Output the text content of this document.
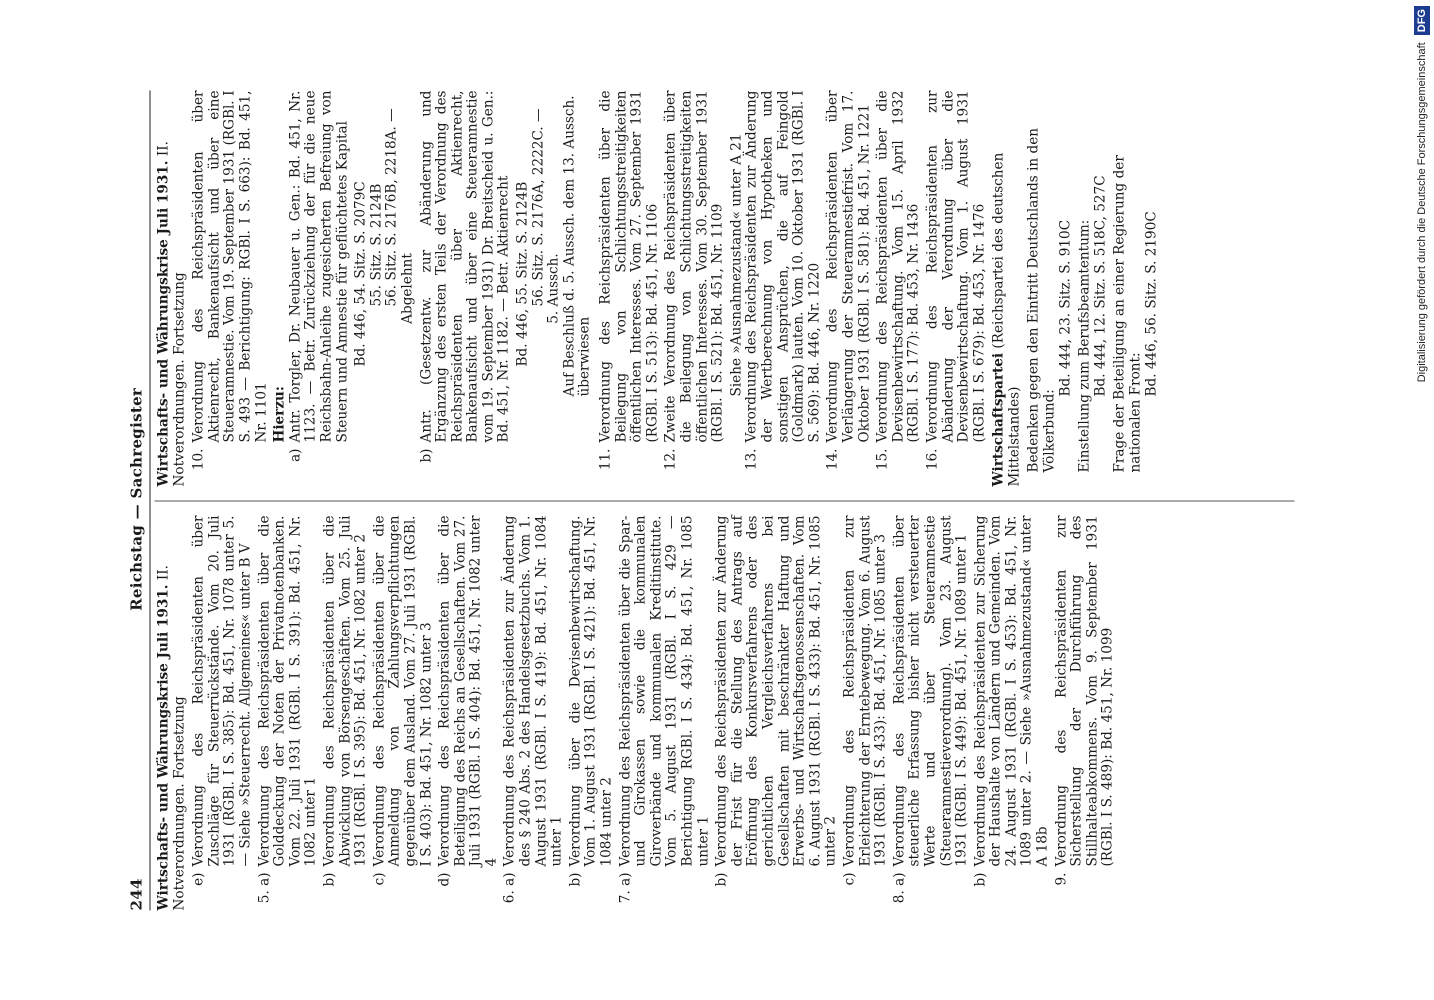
244
Reichstag — Sachregister
Wirtschafts- und Währungskrise Juli 1931. II. Notverordnungen. Fortsetzung e)
Verordnung des Reichspräsidenten über Zuschläge für Steuerrückstände. Vom 20. Juli 1931 (RGBl. I S. 385): Bd. 451, Nr. 1078 unter 5. — Siehe »Steuerrecht. Allgemeines« unter B V
5. a)
Verordnung des Reichspräsidenten über die Golddeckung der Noten der Privatnotenbanken. Vom 22. Juli 1931 (RGBl. I S. 391): Bd. 451, Nr. 1082 unter 1
b)
Verordnung des Reichspräsidenten über die Abwicklung von Börsengeschäften. Vom 25. Juli 1931 (RGBl. I S. 395): Bd. 451, Nr. 1082 unter 2
c)
Verordnung des Reichspräsidenten über die Anmeldung von Zahlungsverpflichtungen gegenüber dem Ausland. Vom 27. Juli 1931 (RGBl. I S. 403): Bd. 451, Nr. 1082 unter 3
d)
Verordnung des Reichspräsidenten über die Beteiligung des Reichs an Gesellschaften. Vom 27. Juli 1931 (RGBl. I S. 404): Bd. 451, Nr. 1082 unter 4
6. a)
Verordnung des Reichspräsidenten zur Änderung des § 240 Abs. 2 des Handelsgesetzbuchs. Vom 1. August 1931 (RGBl. I S. 419): Bd. 451, Nr. 1084 unter 1
b)
Verordnung über die Devisenbewirtschaftung. Vom 1. August 1931 (RGBl. I S. 421): Bd. 451, Nr. 1084 unter 2
7. a)
Verordnung des Reichspräsidenten über die Spar- und Girokassen sowie die kommunalen Giroverbände und kommunalen Kreditinstitute. Vom 5. August 1931 (RGBl. I S. 429 — Berichtigung RGBl. I S. 434): Bd. 451, Nr. 1085 unter 1
b)
Verordnung des Reichspräsidenten zur Änderung der Frist für die Stellung des Antrags auf Eröffnung des Konkursverfahrens oder des gerichtlichen Vergleichsverfahrens bei Gesellschaften mit beschränkter Haftung und Erwerbs- und Wirtschaftsgenossenschaften. Vom 6. August 1931 (RGBl. I S. 433): Bd. 451, Nr. 1085 unter 2
c)
Verordnung des Reichspräsidenten zur Erleichterung der Erntebewegung. Vom 6. August 1931 (RGBl. I S. 433): Bd. 451, Nr. 1085 unter 3
8. a)
Verordnung des Reichspräsidenten über steuerliche Erfassung bisher nicht versteuerter Werte und über Steueramnestie (Steueramnestieverordnung). Vom 23. August 1931 (RGBl. I S. 449): Bd. 451, Nr. 1089 unter 1
b)
Verordnung des Reichspräsidenten zur Sicherung der Haushalte von Ländern und Gemeinden. Vom 24. August 1931 (RGBl. I S. 453): Bd. 451, Nr. 1089 unter 2. — Siehe »Ausnahmezustand« unter A 18b
9.
Verordnung des Reichspräsidenten zur Sicherstellung der Durchführung des Stillhalteabkommens. Vom 9. September 1931 (RGBl. I S. 489): Bd. 451, Nr. 1099
Wirtschafts- und Währungskrise Juli 1931. II. Notverordnungen. Fortsetzung 10.
Verordnung des Reichspräsidenten über Aktienrecht, Bankenaufsicht und über eine Steueramnestie. Vom 19. September 1931 (RGBl. I S. 493 — Berichtigung: RGBl. I S. 663): Bd. 451, Nr. 1101 Hierzu:
a)
Antr. Torgler, Dr. Neubauer u. Gen.: Bd. 451, Nr. 1123. — Betr. Zurückziehung der für die neue Reichsbahn-Anleihe zugesicherten Befreiung von Steuern und Amnestie für geflüchtetes Kapital Bd. 446, 54. Sitz. S. 2079C 55. Sitz. S. 2124B 56. Sitz. S. 2176B, 2218A. — Abgelehnt
b)
Antr. (Gesetzentw. zur Abänderung und Ergänzung des ersten Teils der Verordnung des Reichspräsidenten über Aktienrecht, Bankenaufsicht und über eine Steueramnestie vom 19. September 1931) Dr. Breitscheid u. Gen.: Bd. 451, Nr. 1182. — Betr. Aktienrecht Bd. 446, 55. Sitz. S. 2124B 56. Sitz. S. 2176A, 2222C. — 5. Aussch. Auf Beschluß d. 5. Aussch. dem 13. Aussch. überwiesen
11.
Verordnung des Reichspräsidenten über die Beilegung von Schlichtungsstreitigkeiten öffentlichen Interesses. Vom 27. September 1931 (RGBl. I S. 513): Bd. 451, Nr. 1106
12.
Zweite Verordnung des Reichspräsidenten über die Beilegung von Schlichtungsstreitigkeiten öffentlichen Interesses. Vom 30. September 1931 (RGBl. I S. 521): Bd. 451, Nr. 1109 Siehe »Ausnahmezustand« unter A 21
13.
Verordnung des Reichspräsidenten zur Änderung der Wertberechnung von Hypotheken und sonstigen Ansprüchen, die auf Feingold (Goldmark) lauten. Vom 10. Oktober 1931 (RGBl. I S. 569): Bd. 446, Nr. 1220
14.
Verordnung des Reichspräsidenten über Verlängerung der Steueramnestiefrist. Vom 17. Oktober 1931 (RGBl. I S. 581): Bd. 451, Nr. 1221
15.
Verordnung des Reichspräsidenten über die Devisenbewirtschaftung. Vom 15. April 1932 (RGBl. I S. 177): Bd. 453, Nr. 1436
16.
Verordnung des Reichspräsidenten zur Abänderung der Verordnung über die Devisenbewirtschaftung. Vom 1. August 1931 (RGBl. I S. 679): Bd. 453, Nr. 1476 Wirtschaftspartei (Reichspartei des deutschen Mittelstandes) Bedenken gegen den Eintritt Deutschlands in den Völkerbund:
Bd. 444, 23. Sitz. S. 910C Einstellung zum Berufsbeamtentum: Bd. 444, 12. Sitz. S. 518C, 527C Frage der Beteiligung an einer Regierung der nationalen Front:
Bd. 446, 56. Sitz. S. 2190C	Digitalisierung gefördert durch die Deutsche Forschungsgemeinschaft DFG
